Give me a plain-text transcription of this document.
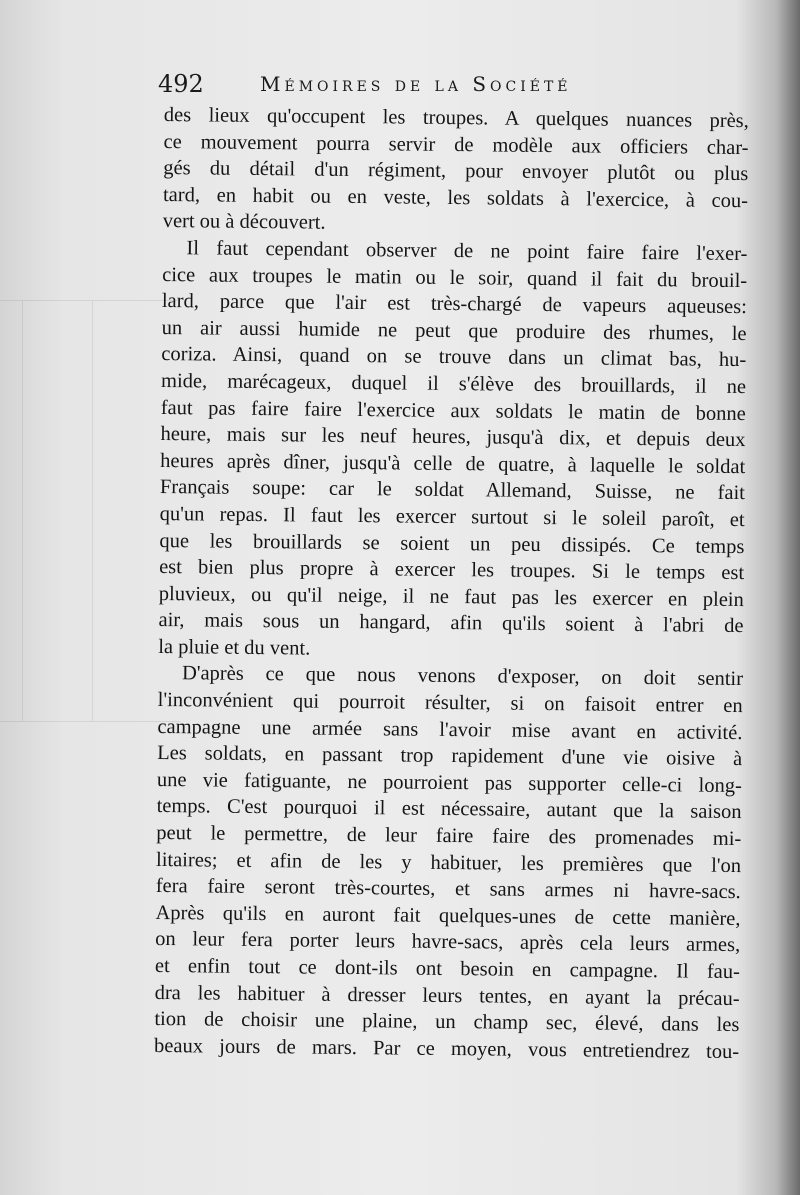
492	Mémoires de la Société
des lieux qu'occupent les troupes. A quelques nuances près,
ce mouvement pourra servir de modèle aux officiers char-
gés du détail d'un régiment, pour envoyer plutôt ou plus
tard, en habit ou en veste, les soldats à l'exercice, à cou-
vert ou à découvert.
Il faut cependant observer de ne point faire faire l'exer-
cice aux troupes le matin ou le soir, quand il fait du brouil-
lard, parce que l'air est très-chargé de vapeurs aqueuses:
un air aussi humide ne peut que produire des rhumes, le
coriza. Ainsi, quand on se trouve dans un climat bas, hu-
mide, marécageux, duquel il s'élève des brouillards, il ne
faut pas faire faire l'exercice aux soldats le matin de bonne
heure, mais sur les neuf heures, jusqu'à dix, et depuis deux
heures après dîner, jusqu'à celle de quatre, à laquelle le soldat
Français soupe: car le soldat Allemand, Suisse, ne fait
qu'un repas. Il faut les exercer surtout si le soleil paroît, et
que les brouillards se soient un peu dissipés. Ce temps
est bien plus propre à exercer les troupes. Si le temps est
pluvieux, ou qu'il neige, il ne faut pas les exercer en plein
air, mais sous un hangard, afin qu'ils soient à l'abri de
la pluie et du vent.
D'après ce que nous venons d'exposer, on doit sentir
l'inconvénient qui pourroit résulter, si on faisoit entrer en
campagne une armée sans l'avoir mise avant en activité.
Les soldats, en passant trop rapidement d'une vie oisive à
une vie fatiguante, ne pourroient pas supporter celle-ci long-
temps. C'est pourquoi il est nécessaire, autant que la saison
peut le permettre, de leur faire faire des promenades mi-
litaires; et afin de les y habituer, les premières que l'on
fera faire seront très-courtes, et sans armes ni havre-sacs.
Après qu'ils en auront fait quelques-unes de cette manière,
on leur fera porter leurs havre-sacs, après cela leurs armes,
et enfin tout ce dont-ils ont besoin en campagne. Il fau-
dra les habituer à dresser leurs tentes, en ayant la précau-
tion de choisir une plaine, un champ sec, élevé, dans les
beaux jours de mars. Par ce moyen, vous entretiendrez tou-
